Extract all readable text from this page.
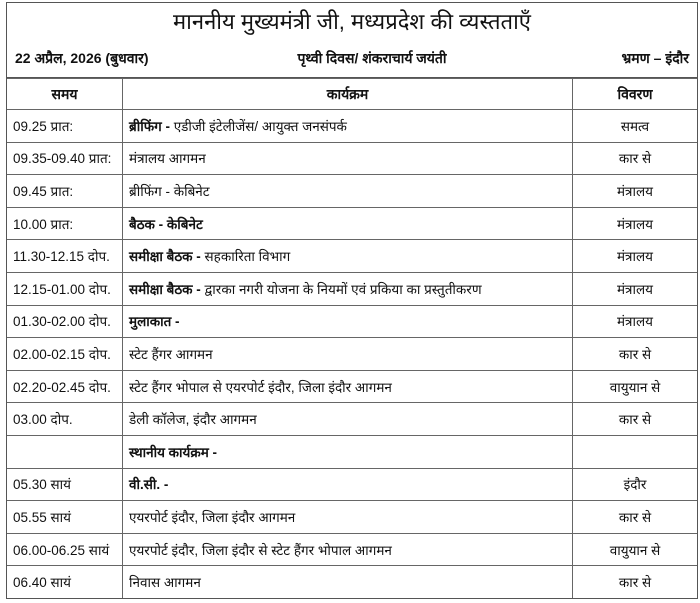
माननीय मुख्यमंत्री जी, मध्यप्रदेश की व्यस्तताएँ
22 अप्रैल, 2026 (बुधवार)	पृथ्वी दिवस/ शंकराचार्य जयंती	भ्रमण – इंदौर
समय	कार्यक्रम	विवरण
09.25 प्रात:	ब्रीफिंग - एडीजी इंटेलीजेंस/ आयुक्त जनसंपर्क	समत्व
09.35-09.40 प्रात:	मंत्रालय आगमन	कार से
09.45 प्रात:	ब्रीफिंग - केबिनेट	मंत्रालय
10.00 प्रात:	बैठक - केबिनेट	मंत्रालय
11.30-12.15 दोप.	समीक्षा बैठक - सहकारिता विभाग	मंत्रालय
12.15-01.00 दोप.	समीक्षा बैठक - द्वारका नगरी योजना के नियमों एवं प्रकिया का प्रस्तुतीकरण	मंत्रालय
01.30-02.00 दोप.	मुलाकात -	मंत्रालय
02.00-02.15 दोप.	स्टेट हैंगर आगमन	कार से
02.20-02.45 दोप.	स्टेट हैंगर भोपाल से एयरपोर्ट इंदौर, जिला इंदौर आगमन	वायुयान से
03.00 दोप.	डेली कॉलेज, इंदौर आगमन	कार से
	स्थानीय कार्यक्रम -	
05.30 सायं	वी.सी. -	इंदौर
05.55 सायं	एयरपोर्ट इंदौर, जिला इंदौर आगमन	कार से
06.00-06.25 सायं	एयरपोर्ट इंदौर, जिला इंदौर से स्टेट हैंगर भोपाल आगमन	वायुयान से
06.40 सायं	निवास आगमन	कार से
